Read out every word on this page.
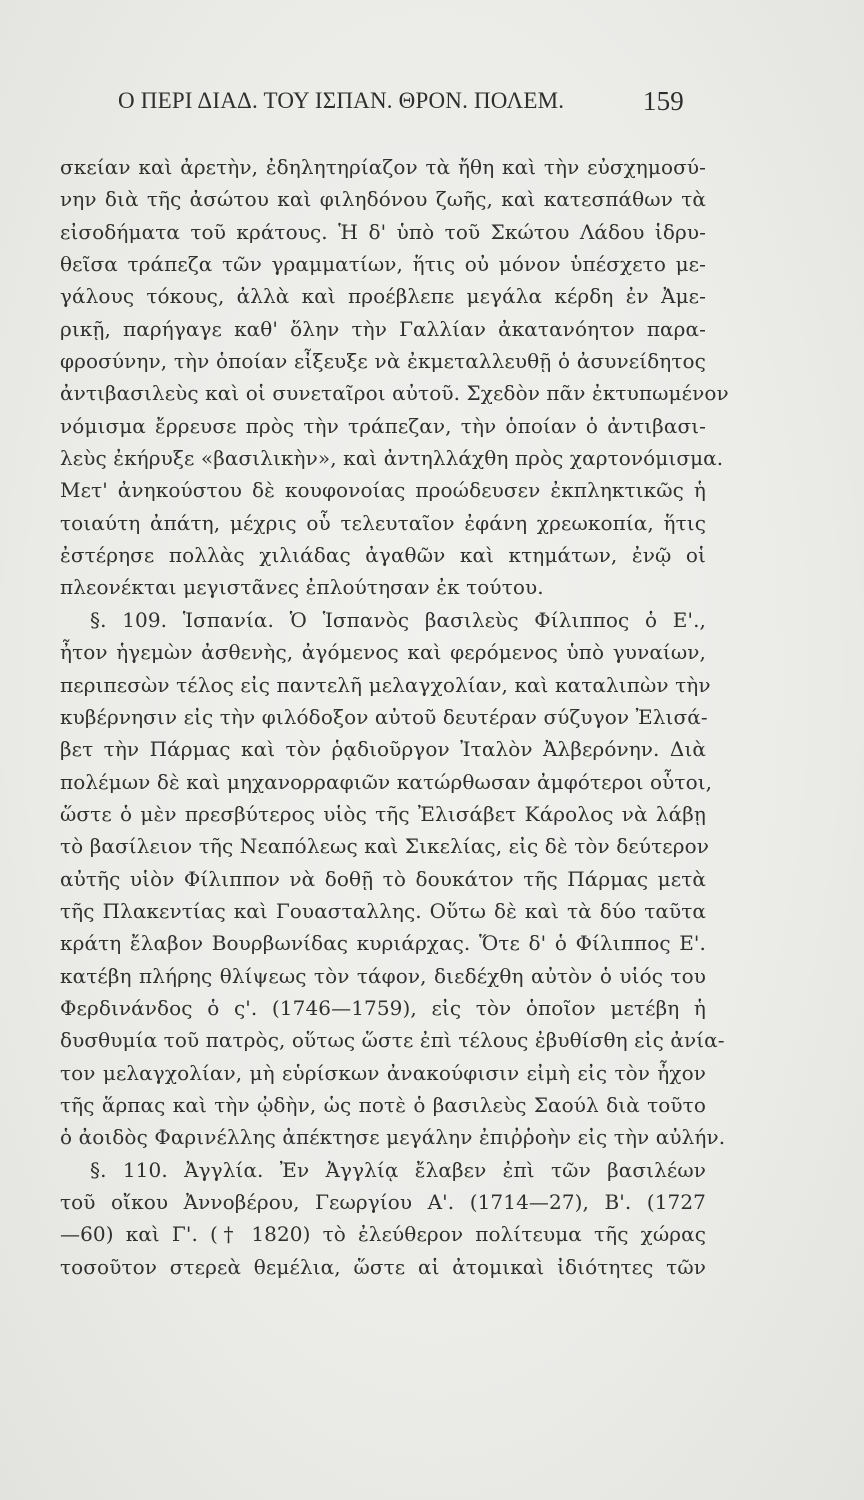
Ο ΠΕΡΙ ΔΙΑΔ. ΤΟΥ ΙΣΠΑΝ. ΘΡΟΝ. ΠΟΛΕΜ.	159
σκείαν καὶ ἀρετὴν, ἐδηλητηρίαζον τὰ ἤθη καὶ τὴν εὐσχημοσύ-
νην διὰ τῆς ἀσώτου καὶ φιληδόνου ζωῆς, καὶ κατεσπάθων τὰ
εἰσοδήματα τοῦ κράτους. Ἡ δ' ὑπὸ τοῦ Σκώτου Λάδου ἱδρυ-
θεῖσα τράπεζα τῶν γραμματίων, ἥτις οὐ μόνον ὑπέσχετο με-
γάλους τόκους, ἀλλὰ καὶ προέβλεπε μεγάλα κέρδη ἐν Ἀμε-
ρικῇ, παρήγαγε καθ' ὅλην τὴν Γαλλίαν ἀκατανόητον παρα-
φροσύνην, τὴν ὁποίαν εἶξευξε νὰ ἐκμεταλλευθῇ ὁ ἀσυνείδητος
ἀντιβασιλεὺς καὶ οἱ συνεταῖροι αὐτοῦ. Σχεδὸν πᾶν ἐκτυπωμένον
νόμισμα ἔρρευσε πρὸς τὴν τράπεζαν, τὴν ὁποίαν ὁ ἀντιβασι-
λεὺς ἐκήρυξε «βασιλικὴν», καὶ ἀντηλλάχθη πρὸς χαρτονόμισμα.
Μετ' ἀνηκούστου δὲ κουφονοίας προώδευσεν ἐκπληκτικῶς ἡ
τοιαύτη ἀπάτη, μέχρις οὗ τελευταῖον ἐφάνη χρεωκοπία, ἥτις
ἐστέρησε πολλὰς χιλιάδας ἀγαθῶν καὶ κτημάτων, ἐνῷ οἱ
πλεονέκται μεγιστᾶνες ἐπλούτησαν ἐκ τούτου.
§. 109. Ἱσπανία. Ὁ Ἱσπανὸς βασιλεὺς Φίλιππος ὁ Ε'.,
ἦτον ἡγεμὼν ἀσθενὴς, ἀγόμενος καὶ φερόμενος ὑπὸ γυναίων,
περιπεσὼν τέλος εἰς παντελῆ μελαγχολίαν, καὶ καταλιπὼν τὴν
κυβέρνησιν εἰς τὴν φιλόδοξον αὐτοῦ δευτέραν σύζυγον Ἐλισά-
βετ τὴν Πάρμας καὶ τὸν ῥᾳδιοῦργον Ἰταλὸν Ἀλβερόνην. Διὰ
πολέμων δὲ καὶ μηχανορραφιῶν κατώρθωσαν ἀμφότεροι οὗτοι,
ὥστε ὁ μὲν πρεσβύτερος υἱὸς τῆς Ἐλισάβετ Κάρολος νὰ λάβῃ
τὸ βασίλειον τῆς Νεαπόλεως καὶ Σικελίας, εἰς δὲ τὸν δεύτερον
αὐτῆς υἱὸν Φίλιππον νὰ δοθῇ τὸ δουκάτον τῆς Πάρμας μετὰ
τῆς Πλακεντίας καὶ Γουασταλλης. Οὕτω δὲ καὶ τὰ δύο ταῦτα
κράτη ἔλαβον Βουρβωνίδας κυριάρχας. Ὅτε δ' ὁ Φίλιππος Ε'.
κατέβη πλήρης θλίψεως τὸν τάφον, διεδέχθη αὐτὸν ὁ υἱός του
Φερδινάνδος ὁ ς'. (1746—1759), εἰς τὸν ὁποῖον μετέβη ἡ
δυσθυμία τοῦ πατρὸς, οὕτως ὥστε ἐπὶ τέλους ἐβυθίσθη εἰς ἀνία-
τον μελαγχολίαν, μὴ εὑρίσκων ἀνακούφισιν εἰμὴ εἰς τὸν ἦχον
τῆς ἅρπας καὶ τὴν ᾠδὴν, ὡς ποτὲ ὁ βασιλεὺς Σαούλ διὰ τοῦτο
ὁ ἀοιδὸς Φαρινέλλης ἀπέκτησε μεγάλην ἐπιῤῥοὴν εἰς τὴν αὐλήν.
§. 110. Ἀγγλία. Ἐν Ἀγγλίᾳ ἔλαβεν ἐπὶ τῶν βασιλέων
τοῦ οἴκου Ἀννοβέρου, Γεωργίου Α'. (1714—27), Β'. (1727
—60) καὶ Γ'. († 1820) τὸ ἐλεύθερον πολίτευμα τῆς χώρας
τοσοῦτον στερεὰ θεμέλια, ὥστε αἱ ἀτομικαὶ ἰδιότητες τῶν
